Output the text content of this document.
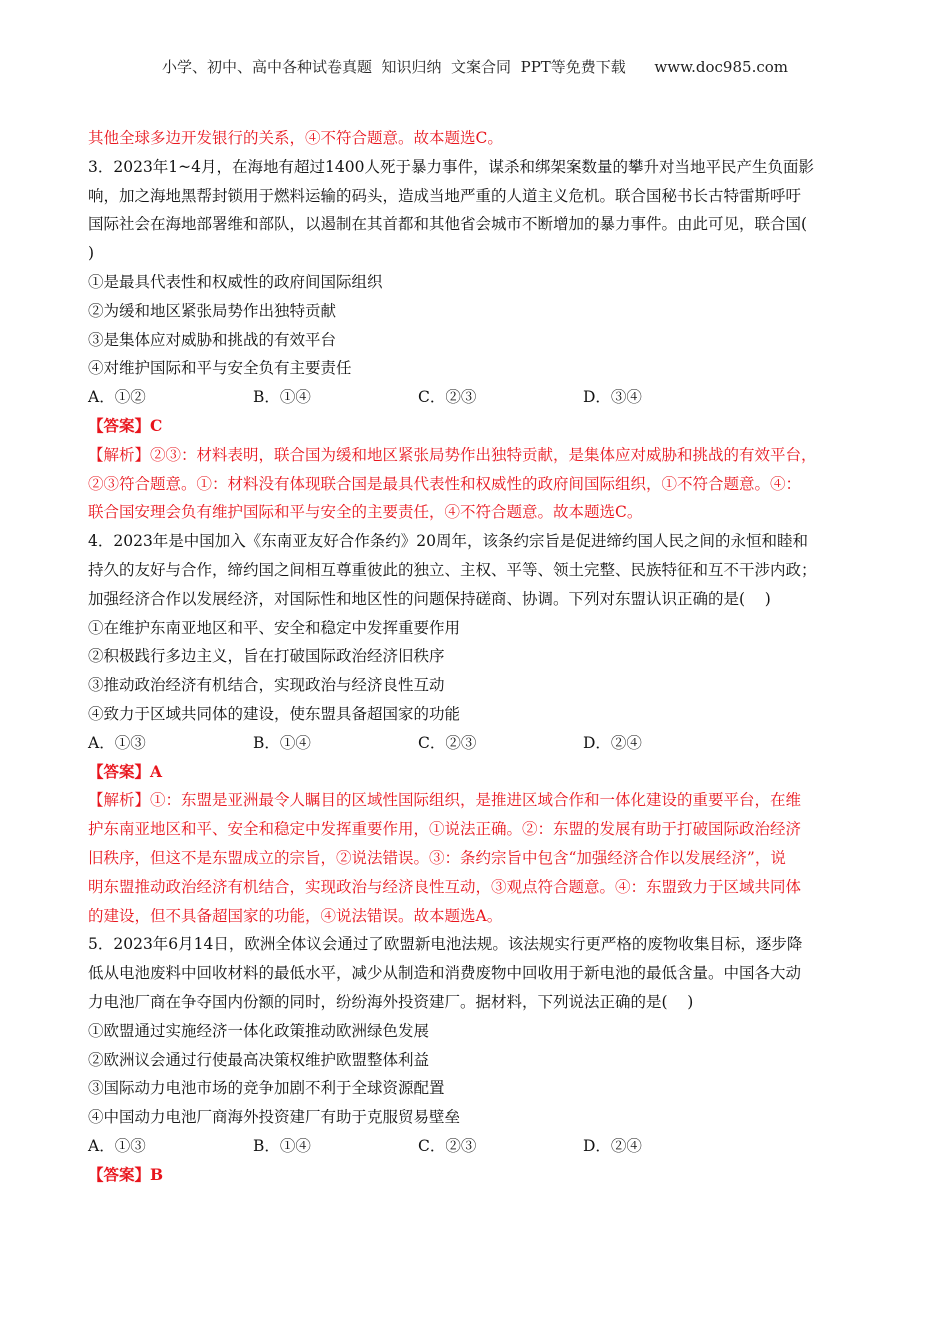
小学、初中、高中各种试卷真题  知识归纳  文案合同  PPT等免费下载      www.doc985.com
其他全球多边开发银行的关系，④不符合题意。故本题选C。
3．2023年1~4月，在海地有超过1400人死于暴力事件，谋杀和绑架案数量的攀升对当地平民产生负面影
响，加之海地黑帮封锁用于燃料运输的码头，造成当地严重的人道主义危机。联合国秘书长古特雷斯呼吁
国际社会在海地部署维和部队，以遏制在其首都和其他省会城市不断增加的暴力事件。由此可见，联合国(
)
①是最具代表性和权威性的政府间国际组织
②为缓和地区紧张局势作出独特贡献
③是集体应对威胁和挑战的有效平台
④对维护国际和平与安全负有主要责任
A．①②	B．①④	C．②③	D．③④
【答案】C
【解析】②③：材料表明，联合国为缓和地区紧张局势作出独特贡献，是集体应对威胁和挑战的有效平台，
②③符合题意。①：材料没有体现联合国是最具代表性和权威性的政府间国际组织，①不符合题意。④：
联合国安理会负有维护国际和平与安全的主要责任，④不符合题意。故本题选C。
4．2023年是中国加入《东南亚友好合作条约》20周年，该条约宗旨是促进缔约国人民之间的永恒和睦和
持久的友好与合作，缔约国之间相互尊重彼此的独立、主权、平等、领土完整、民族特征和互不干涉内政；
加强经济合作以发展经济，对国际性和地区性的问题保持磋商、协调。下列对东盟认识正确的是(    )
①在维护东南亚地区和平、安全和稳定中发挥重要作用
②积极践行多边主义，旨在打破国际政治经济旧秩序
③推动政治经济有机结合，实现政治与经济良性互动
④致力于区域共同体的建设，使东盟具备超国家的功能
A．①③	B．①④	C．②③	D．②④
【答案】A
【解析】①：东盟是亚洲最令人瞩目的区域性国际组织，是推进区域合作和一体化建设的重要平台，在维
护东南亚地区和平、安全和稳定中发挥重要作用，①说法正确。②：东盟的发展有助于打破国际政治经济
旧秩序，但这不是东盟成立的宗旨，②说法错误。③：条约宗旨中包含“加强经济合作以发展经济”，说
明东盟推动政治经济有机结合，实现政治与经济良性互动，③观点符合题意。④：东盟致力于区域共同体
的建设，但不具备超国家的功能，④说法错误。故本题选A。
5．2023年6月14日，欧洲全体议会通过了欧盟新电池法规。该法规实行更严格的废物收集目标，逐步降
低从电池废料中回收材料的最低水平，减少从制造和消费废物中回收用于新电池的最低含量。中国各大动
力电池厂商在争夺国内份额的同时，纷纷海外投资建厂。据材料，下列说法正确的是(    )
①欧盟通过实施经济一体化政策推动欧洲绿色发展
②欧洲议会通过行使最高决策权维护欧盟整体利益
③国际动力电池市场的竞争加剧不利于全球资源配置
④中国动力电池厂商海外投资建厂有助于克服贸易壁垒
A．①③	B．①④	C．②③	D．②④
【答案】B
